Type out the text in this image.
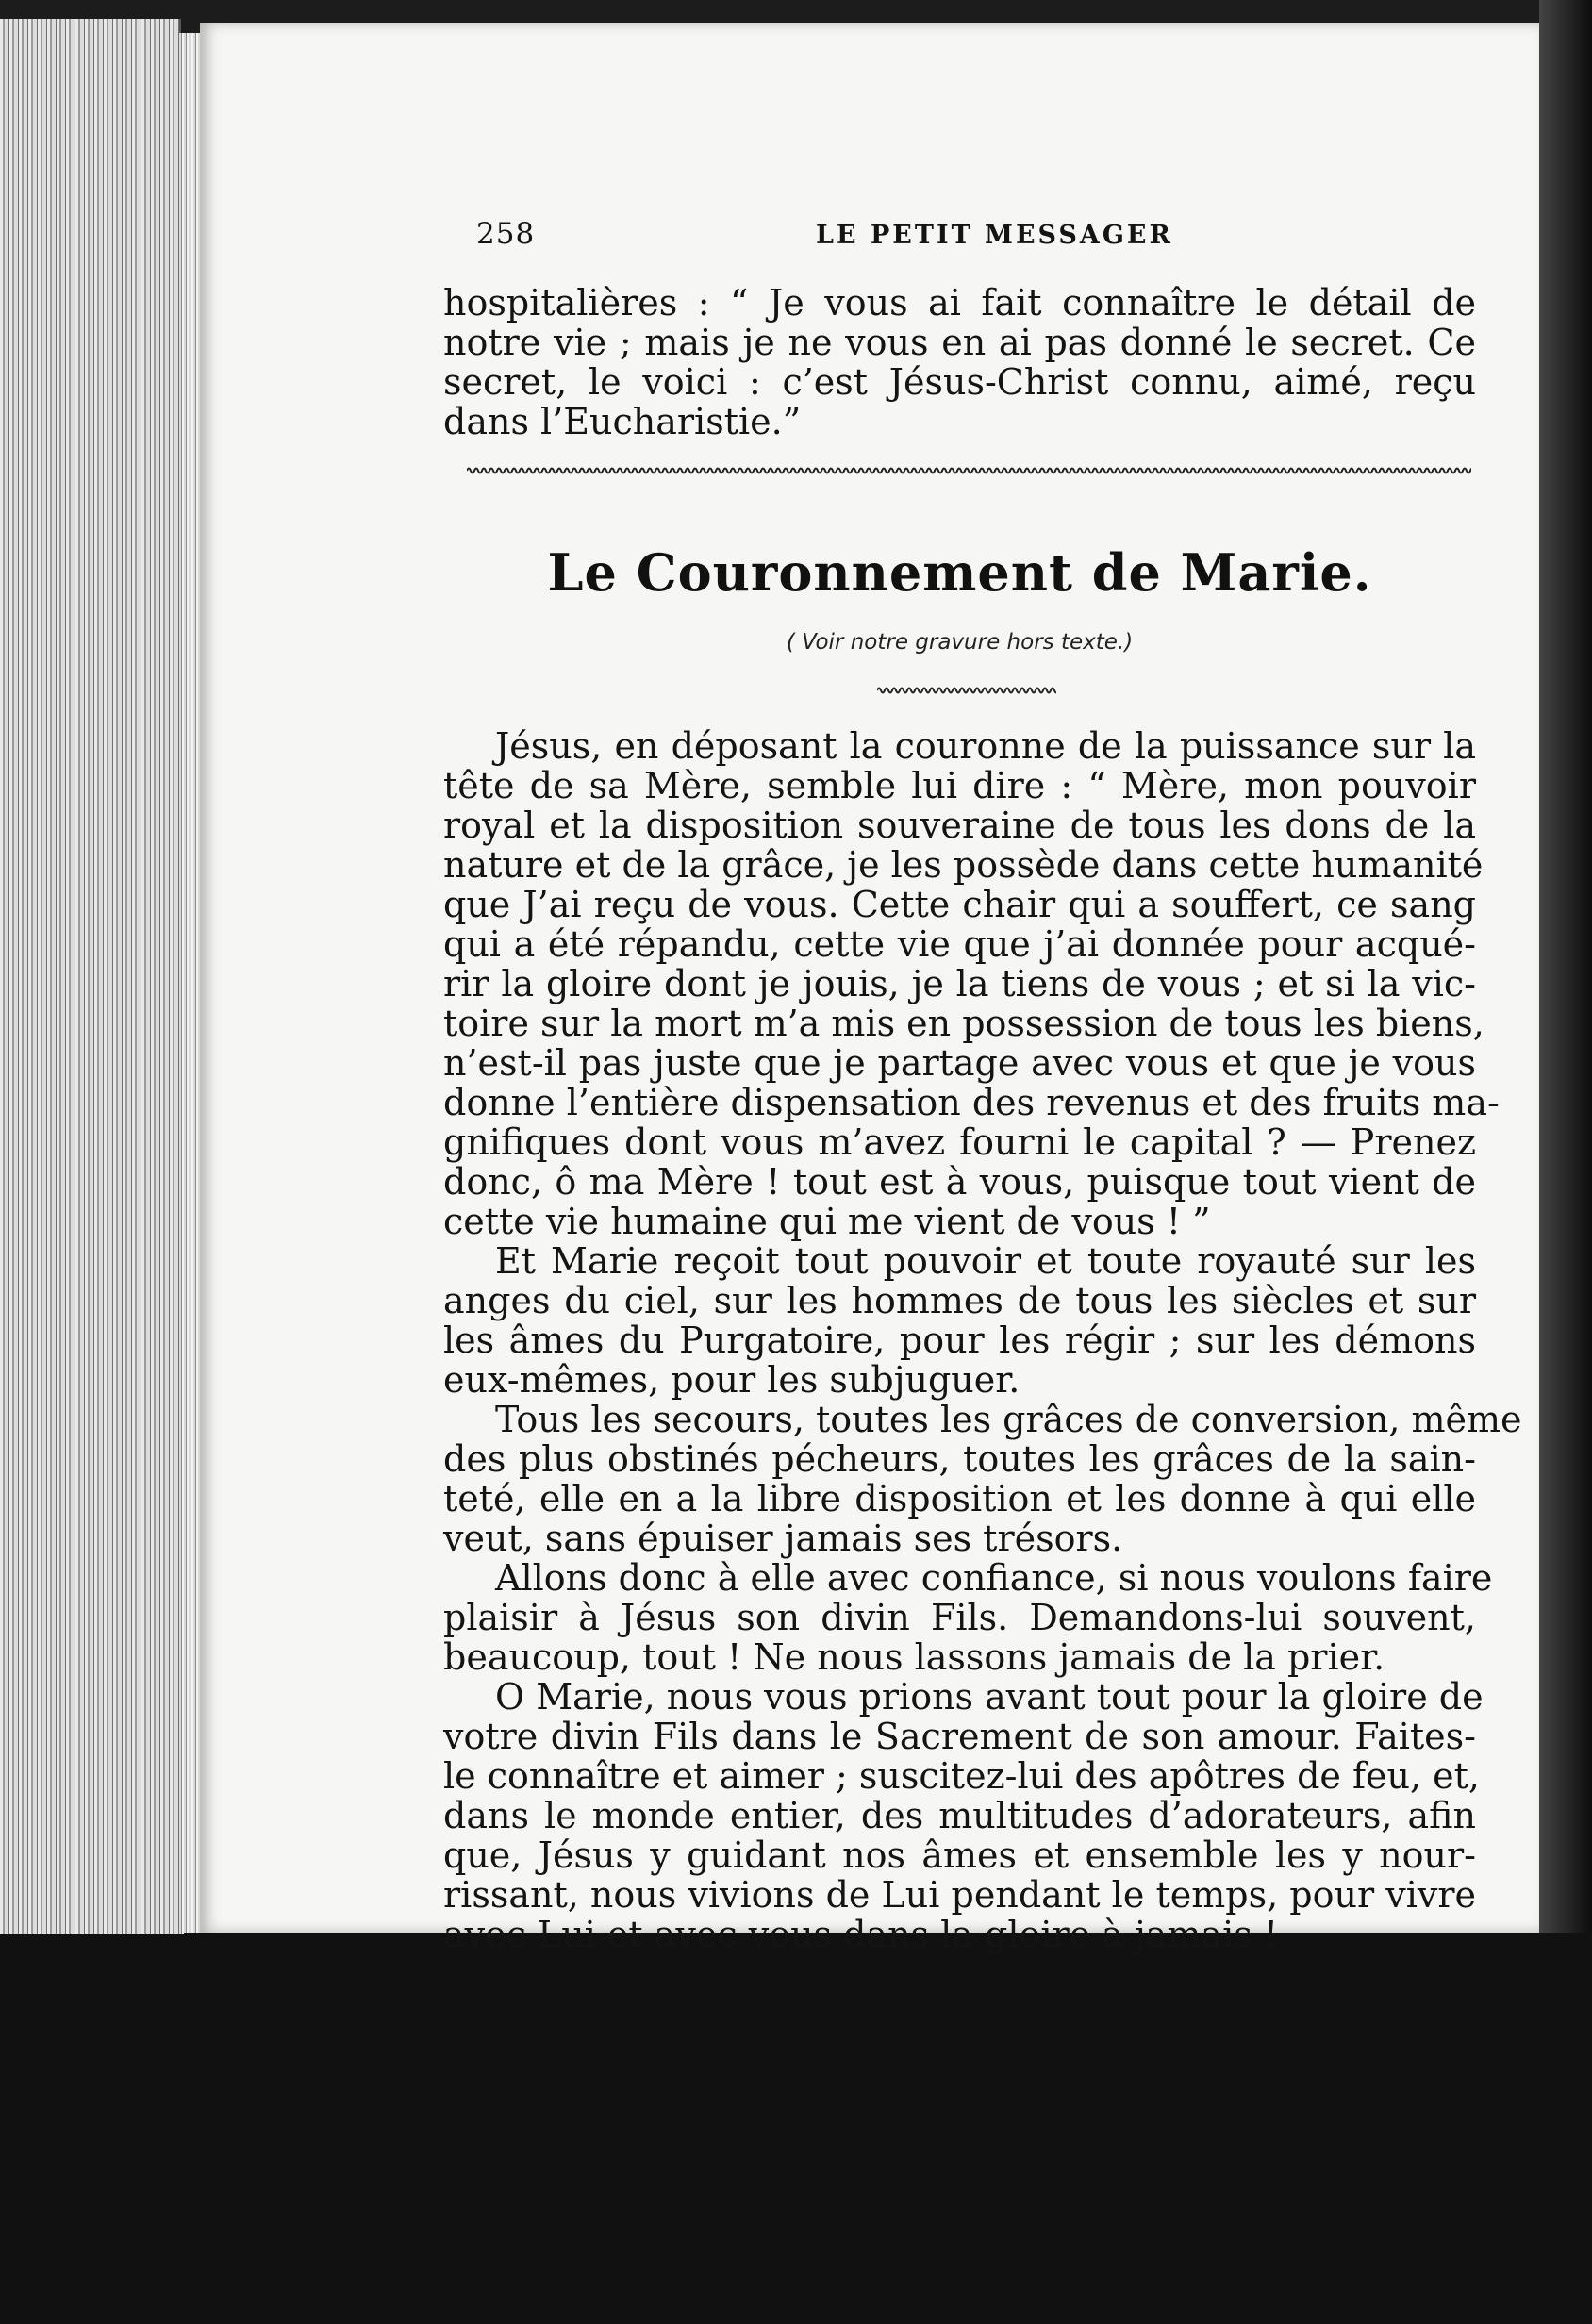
258	LE PETIT MESSAGER
hospitalières : “ Je vous ai fait connaître le détail de
notre vie ; mais je ne vous en ai pas donné le secret. Ce
secret, le voici : c’est Jésus-Christ connu, aimé, reçu
dans l’Eucharistie.”
Le Couronnement de Marie.
( Voir notre gravure hors texte.)
Jésus, en déposant la couronne de la puissance sur la
tête de sa Mère, semble lui dire : “ Mère, mon pouvoir
royal et la disposition souveraine de tous les dons de la
nature et de la grâce, je les possède dans cette humanité
que J’ai reçu de vous. Cette chair qui a souffert, ce sang
qui a été répandu, cette vie que j’ai donnée pour acqué-
rir la gloire dont je jouis, je la tiens de vous ; et si la vic-
toire sur la mort m’a mis en possession de tous les biens,
n’est-il pas juste que je partage avec vous et que je vous
donne l’entière dispensation des revenus et des fruits ma-
gnifiques dont vous m’avez fourni le capital ? — Prenez
donc, ô ma Mère ! tout est à vous, puisque tout vient de
cette vie humaine qui me vient de vous ! ”
Et Marie reçoit tout pouvoir et toute royauté sur les
anges du ciel, sur les hommes de tous les siècles et sur
les âmes du Purgatoire, pour les régir ; sur les démons
eux-mêmes, pour les subjuguer.
Tous les secours, toutes les grâces de conversion, même
des plus obstinés pécheurs, toutes les grâces de la sain-
teté, elle en a la libre disposition et les donne à qui elle
veut, sans épuiser jamais ses trésors.
Allons donc à elle avec confiance, si nous voulons faire
plaisir à Jésus son divin Fils. Demandons-lui souvent,
beaucoup, tout ! Ne nous lassons jamais de la prier.
O Marie, nous vous prions avant tout pour la gloire de
votre divin Fils dans le Sacrement de son amour. Faites-
le connaître et aimer ; suscitez-lui des apôtres de feu, et,
dans le monde entier, des multitudes d’adorateurs, afin
que, Jésus y guidant nos âmes et ensemble les y nour-
rissant, nous vivions de Lui pendant le temps, pour vivre
avec Lui et avec vous dans la gloire à jamais !
